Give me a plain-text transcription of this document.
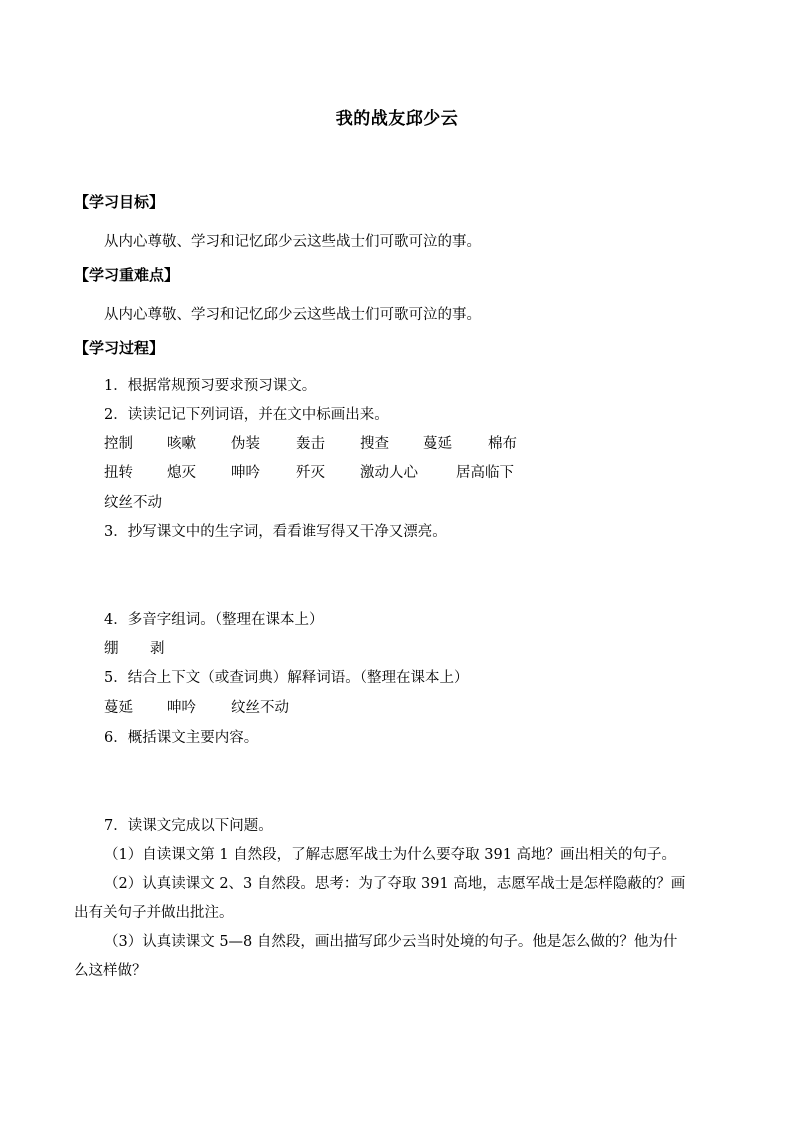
我的战友邱少云
【学习目标】
从内心尊敬、学习和记忆邱少云这些战士们可歌可泣的事。
【学习重难点】
从内心尊敬、学习和记忆邱少云这些战士们可歌可泣的事。
【学习过程】
1．根据常规预习要求预习课文。
2．读读记记下列词语，并在文中标画出来。
控制 咳嗽 伪装 轰击 搜查 蔓延 棉布
扭转 熄灭 呻吟 歼灭 激动人心	居高临下
纹丝不动
3．抄写课文中的生字词，看看谁写得又干净又漂亮。
4．多音字组词。（整理在课本上）
绷 剥
5．结合上下文（或查词典）解释词语。（整理在课本上）
蔓延 呻吟 纹丝不动
6．概括课文主要内容。
7．读课文完成以下问题。
（1）自读课文第 1 自然段，了解志愿军战士为什么要夺取 391 高地？画出相关的句子。
（2）认真读课文 2、3 自然段。思考：为了夺取 391 高地，志愿军战士是怎样隐蔽的？画
出有关句子并做出批注。
（3）认真读课文 5—8 自然段，画出描写邱少云当时处境的句子。他是怎么做的？他为什
么这样做？
